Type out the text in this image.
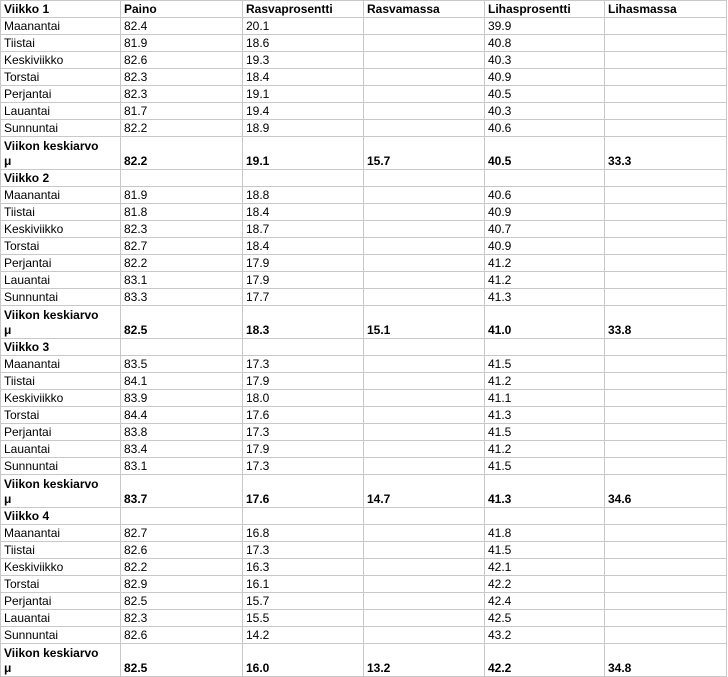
Viikko 1	Paino	Rasvaprosentti	Rasvamassa	Lihasprosentti	Lihasmassa
Maanantai	82.4	20.1		39.9	
Tiistai	81.9	18.6		40.8	
Keskiviikko	82.6	19.3		40.3	
Torstai	82.3	18.4		40.9	
Perjantai	82.3	19.1		40.5	
Lauantai	81.7	19.4		40.3	
Sunnuntai	82.2	18.9		40.6	

Viikon keskiarvo
μ	82.2	19.1	15.7	40.5	33.3
Viikko 2					
Maanantai	81.9	18.8		40.6	
Tiistai	81.8	18.4		40.9	
Keskiviikko	82.3	18.7		40.7	
Torstai	82.7	18.4		40.9	
Perjantai	82.2	17.9		41.2	
Lauantai	83.1	17.9		41.2	
Sunnuntai	83.3	17.7		41.3	

Viikon keskiarvo
μ	82.5	18.3	15.1	41.0	33.8
Viikko 3					
Maanantai	83.5	17.3		41.5	
Tiistai	84.1	17.9		41.2	
Keskiviikko	83.9	18.0		41.1	
Torstai	84.4	17.6		41.3	
Perjantai	83.8	17.3		41.5	
Lauantai	83.4	17.9		41.2	
Sunnuntai	83.1	17.3		41.5	

Viikon keskiarvo
μ	83.7	17.6	14.7	41.3	34.6
Viikko 4					
Maanantai	82.7	16.8		41.8	
Tiistai	82.6	17.3		41.5	
Keskiviikko	82.2	16.3		42.1	
Torstai	82.9	16.1		42.2	
Perjantai	82.5	15.7		42.4	
Lauantai	82.3	15.5		42.5	
Sunnuntai	82.6	14.2		43.2	

Viikon keskiarvo
μ	82.5	16.0	13.2	42.2	34.8
